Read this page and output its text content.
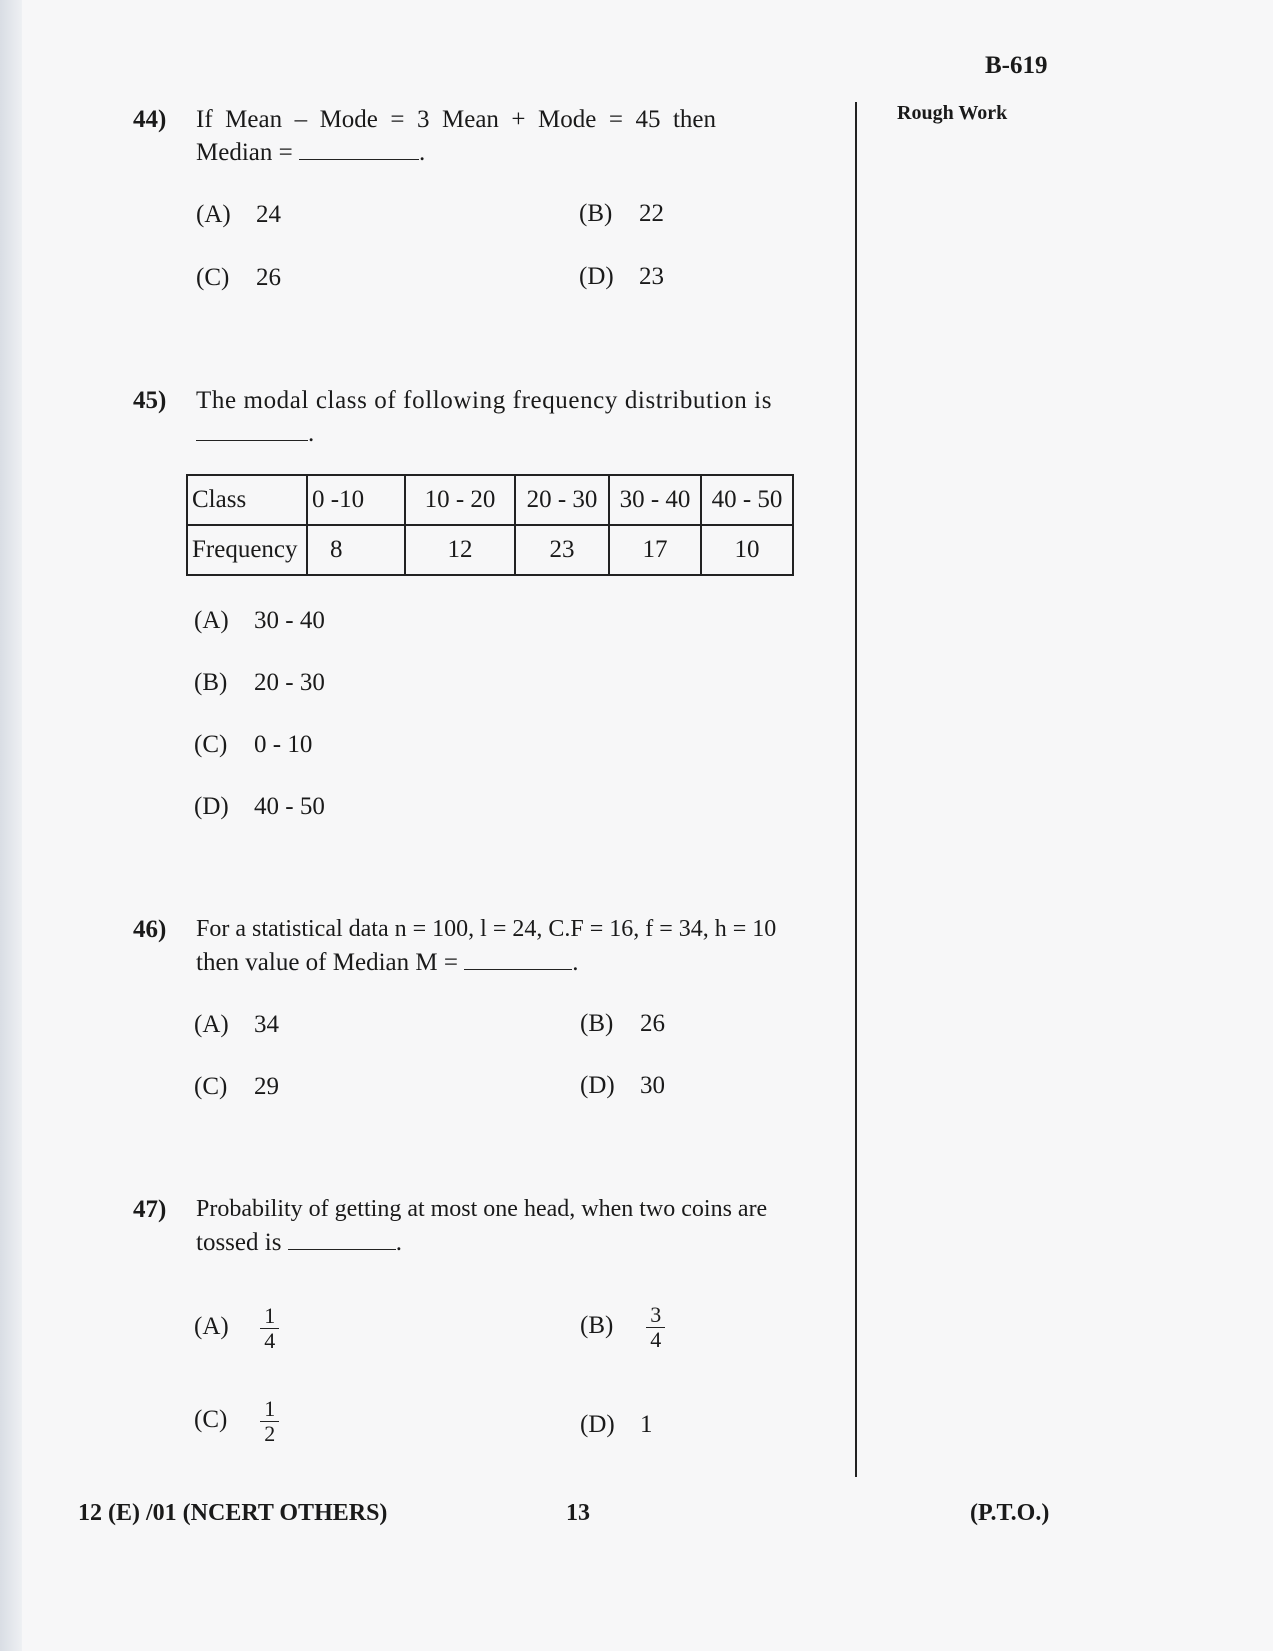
B-619
Rough Work
44) If  Mean  –  Mode  =  3  Mean  +  Mode  =  45  then
Median =	.
(A) 24	(B) 22
(C) 26	(D) 23
45) The modal class of following frequency distribution is
.
Class	0 -10	10 - 20	20 - 30	30 - 40	40 - 50
Frequency	8	12	23	17	10
(A) 30 - 40
(B) 20 - 30
(C) 0 - 10
(D) 40 - 50
46) For a statistical data n = 100, l = 24, C.F = 16, f = 34, h = 10
then value of Median M =	.
(A) 34	(B) 26
(C) 29	(D) 30
47) Probability of getting at most one head, when two coins are
tossed is	.
$(A) \frac{1}{4}$	$(B) \frac{3}{4}$
$(C) \frac{1}{2}$	(D) 1
12 (E) /01 (NCERT OTHERS)	13	(P.T.O.)
